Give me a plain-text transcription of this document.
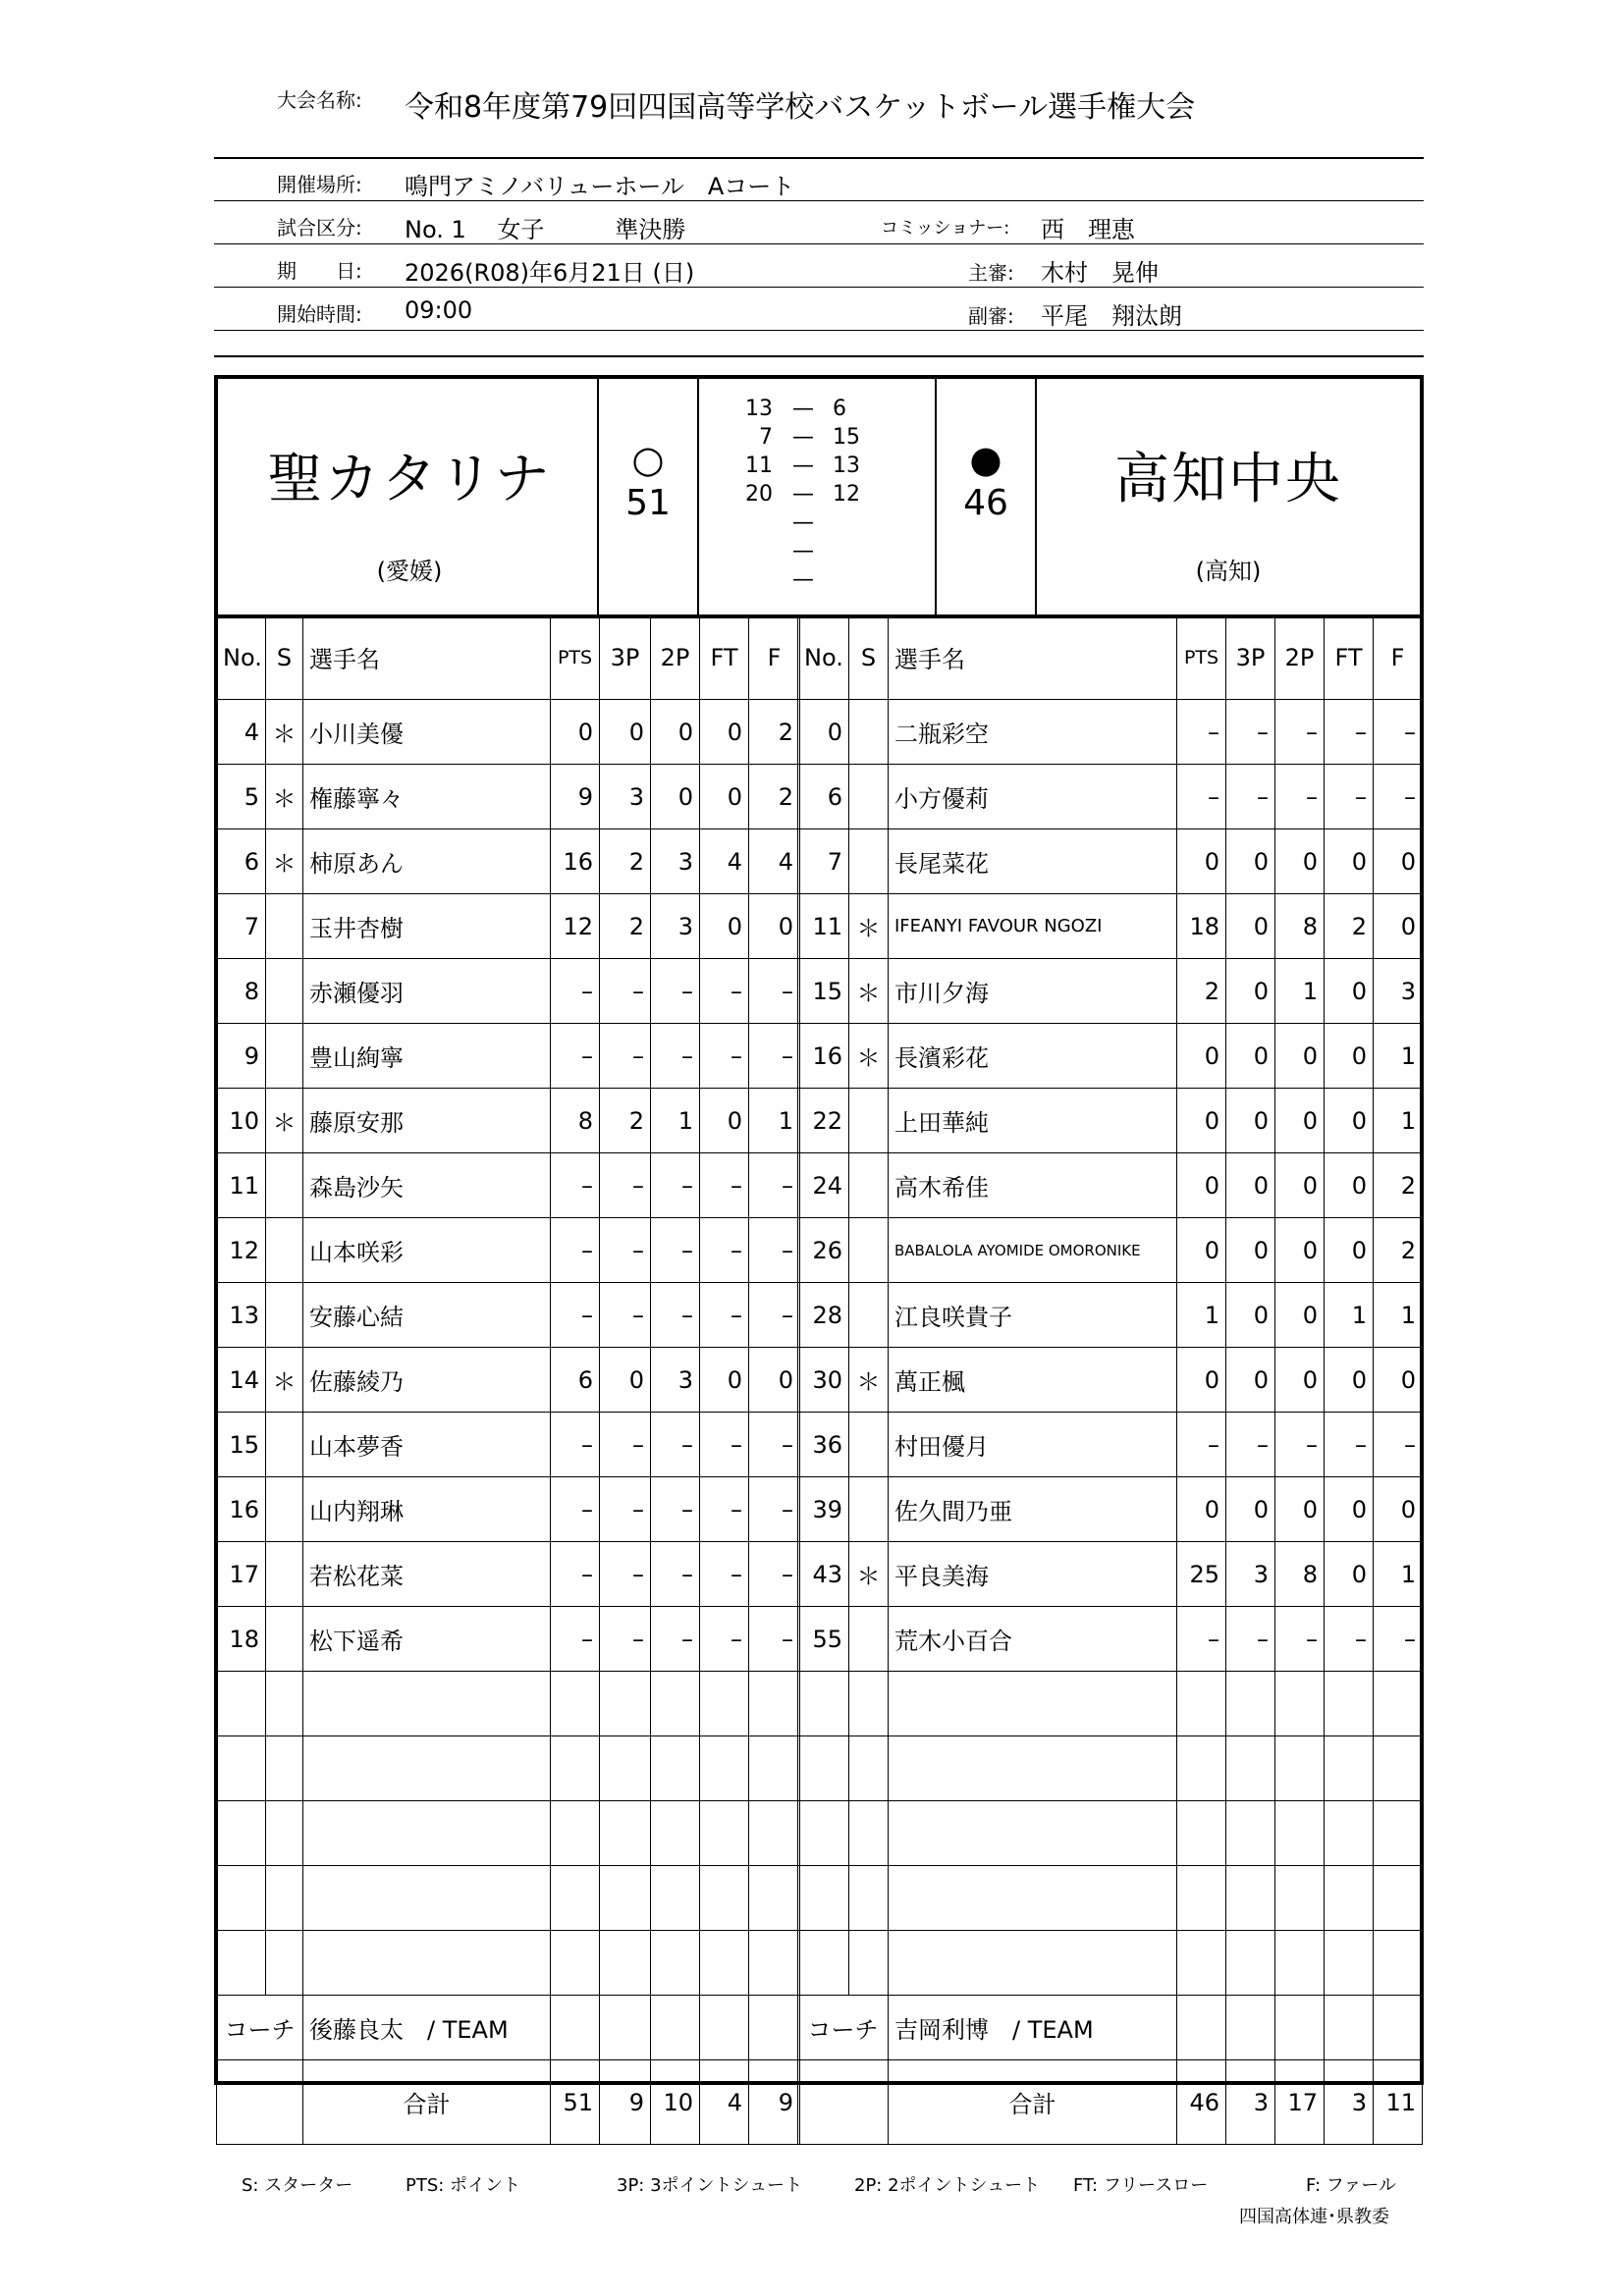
大会名称: 令和8年度第79回四国高等学校バスケットボール選手権大会
開催場所: 鳴門アミノバリューホール　Aコート
試合区分: No. 1　 女子　　　準決勝	コミッショナー: 西　理恵
期　　日: 2026(R08)年6月21日 (日)	主審: 木村　晃伸
開始時間: 09:00	副審: 平尾　翔汰朗
聖カタリナ
(愛媛)
○
51
13 — 6
7 — 15
11 — 13
20 — 12
—
—
—
●
46	高知中央
(高知)
No.	S	選手名	PTS	3P	2P	FT	F
4	＊	小川美優	0	0	0	0	2
5	＊	権藤寧々	9	3	0	0	2
6	＊	柿原あん	16	2	3	4	4
7		玉井杏樹	12	2	3	0	0
8		赤瀬優羽	–	–	–	–	–
9		豊山絢寧	–	–	–	–	–
10	＊	藤原安那	8	2	1	0	1
11		森島沙矢	–	–	–	–	–
12		山本咲彩	–	–	–	–	–
13		安藤心結	–	–	–	–	–
14	＊	佐藤綾乃	6	0	3	0	0
15		山本夢香	–	–	–	–	–
16		山内翔琳	–	–	–	–	–
17		若松花菜	–	–	–	–	–
18		松下遥希	–	–	–	–	–

コーチ		後藤良太　/ TEAM					
		合計	51	9	10	4	9
No.	S	選手名	PTS	3P	2P	FT	F
0		二瓶彩空	–	–	–	–	–
6		小方優莉	–	–	–	–	–
7		長尾菜花	0	0	0	0	0
11	＊	IFEANYI FAVOUR NGOZI	18	0	8	2	0
15	＊	市川夕海	2	0	1	0	3
16	＊	長濱彩花	0	0	0	0	1
22		上田華純	0	0	0	0	1
24		高木希佳	0	0	0	0	2
26		BABALOLA AYOMIDE OMORONIKE	0	0	0	0	2
28		江良咲貴子	1	0	0	1	1
30	＊	萬正楓	0	0	0	0	0
36		村田優月	–	–	–	–	–
39		佐久間乃亜	0	0	0	0	0
43	＊	平良美海	25	3	8	0	1
55		荒木小百合	–	–	–	–	–

コーチ		吉岡利博　/ TEAM					
		合計	46	3	17	3	11
S: スターター	PTS: ポイント	3P: 3ポイントシュート	2P: 2ポイントシュート FT: フリースロー	F: ファール
四国高体連･県教委
